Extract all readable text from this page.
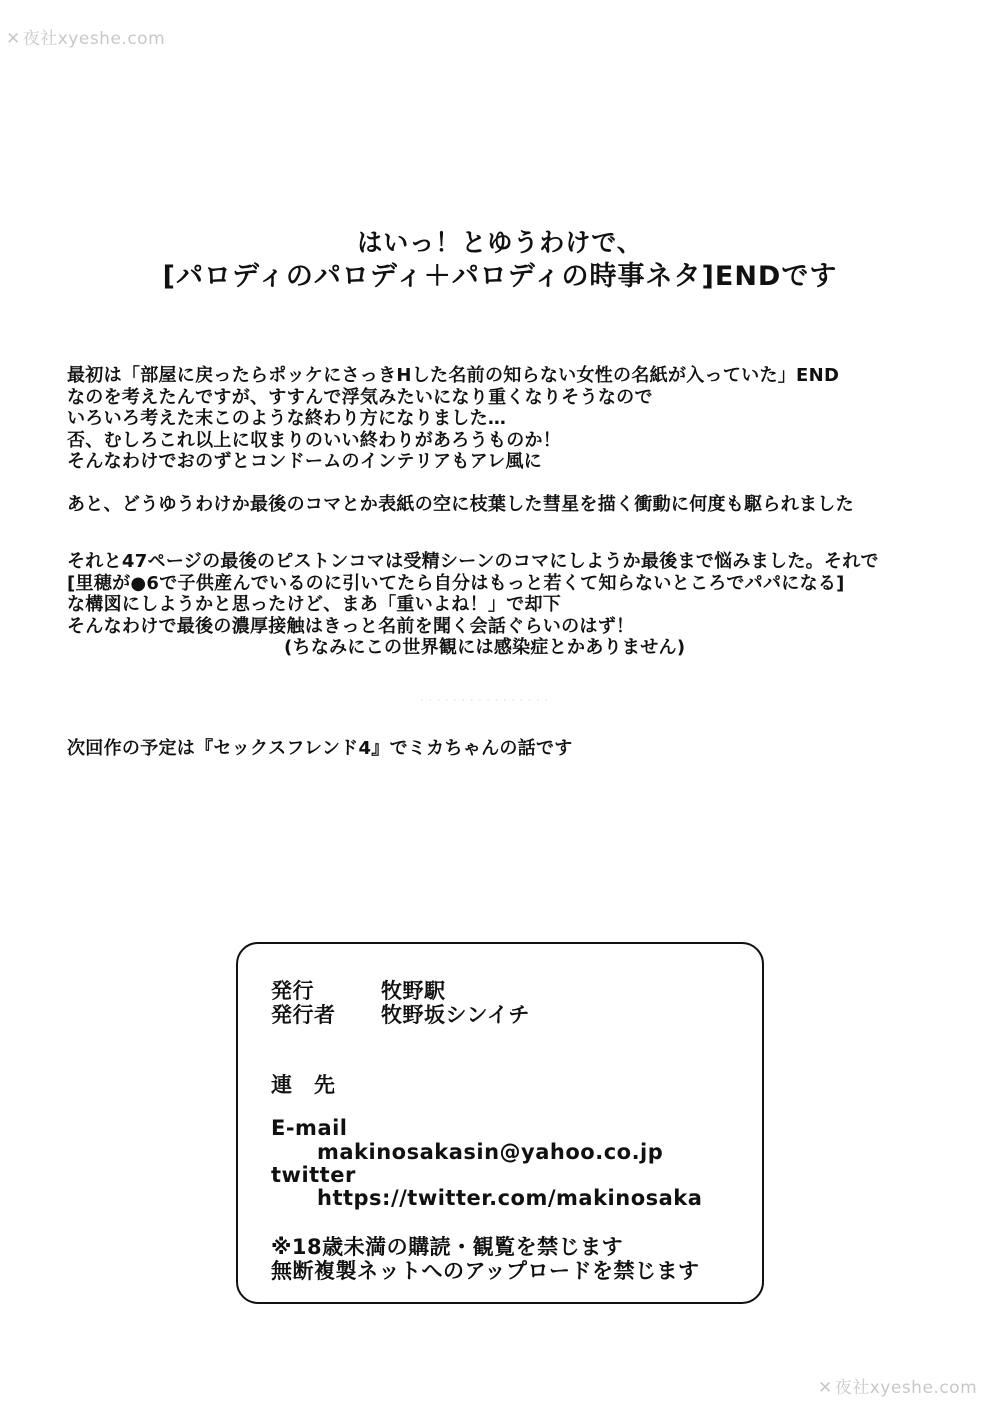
✕ 夜社xyeshe.com
はいっ！とゆうわけで、
[パロディのパロディ＋パロディの時事ネタ]ENDです
最初は「部屋に戻ったらポッケにさっきHした名前の知らない女性の名紙が入っていた」END
なのを考えたんですが、すすんで浮気みたいになり重くなりそうなので
いろいろ考えた末このような終わり方になりました…
否、むしろこれ以上に収まりのいい終わりがあろうものか！
そんなわけでおのずとコンドームのインテリアもアレ風に
あと、どうゆうわけか最後のコマとか表紙の空に枝葉した彗星を描く衝動に何度も駆られました
それと47ページの最後のピストンコマは受精シーンのコマにしようか最後まで悩みました。それで
[里穂が●6で子供産んでいるのに引いてたら自分はもっと若くて知らないところでパパになる]
な構図にしようかと思ったけど、まあ「重いよね！」で却下
そんなわけで最後の濃厚接触はきっと名前を聞く会話ぐらいのはず！
(ちなみにこの世界観には感染症とかありません)
· · · · · · · · · · · · · · · ·
次回作の予定は『セックスフレンド4』でミカちゃんの話です
発行	牧野駅
発行者 牧野坂シンイチ
連　先
E-mail
makinosakasin@yahoo.co.jp
twitter
https://twitter.com/makinosaka
※18歳未満の購読・観覧を禁じます
無断複製ネットへのアップロードを禁じます
✕ 夜社xyeshe.com
